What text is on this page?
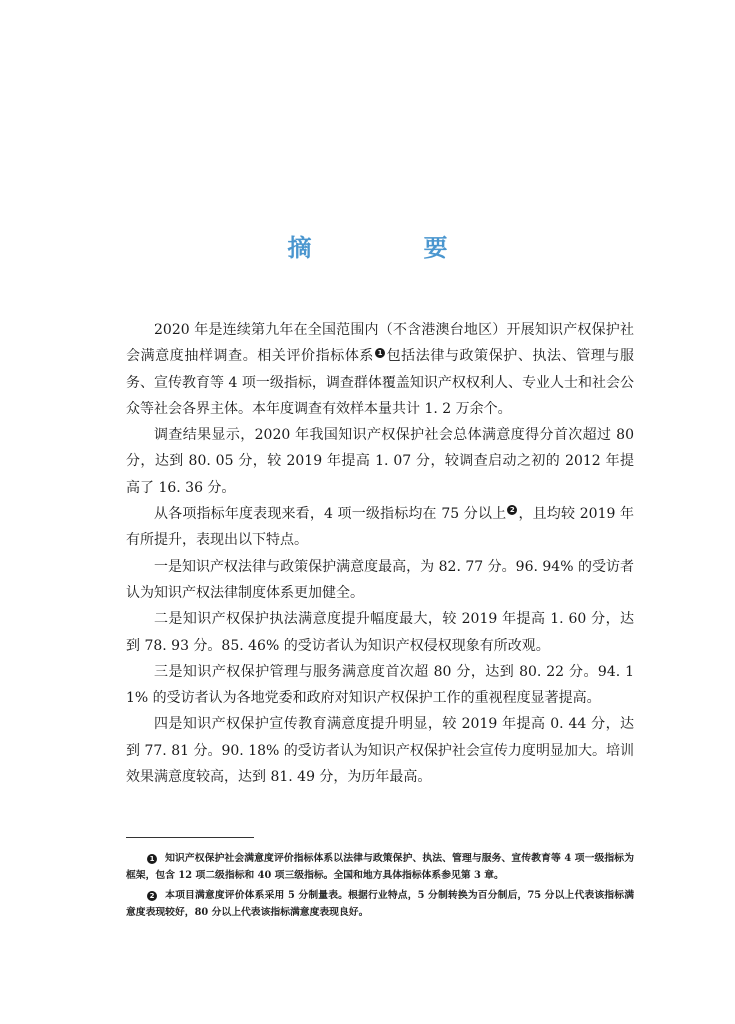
摘　要

2020 年是连续第九年在全国范围内（不含港澳台地区）开展知识产权保护社会满意度抽样调查。相关评价指标体系 1 包括法律与政策保护、执法、管理与服务、宣传教育等 4 项一级指标，调查群体覆盖知识产权权利人、专业人士和社会公众等社会各界主体。本年度调查有效样本量共计 1. 2 万余个。

调查结果显示，2020 年我国知识产权保护社会总体满意度得分首次超过 80 分，达到 80. 05 分，较 2019 年提高 1. 07 分，较调查启动之初的 2012 年提高了 16. 36 分。

从各项指标年度表现来看，4 项一级指标均在 75 分以上 2 ，且均较 2019 年有所提升，表现出以下特点。

一是知识产权法律与政策保护满意度最高，为 82. 77 分。96. 94% 的受访者认为知识产权法律制度体系更加健全。

二是知识产权保护执法满意度提升幅度最大，较 2019 年提高 1. 60 分，达到 78. 93 分。85. 46% 的受访者认为知识产权侵权现象有所改观。

三是知识产权保护管理与服务满意度首次超 80 分，达到 80. 22 分。94. 11% 的受访者认为各地党委和政府对知识产权保护工作的重视程度显著提高。

四是知识产权保护宣传教育满意度提升明显，较 2019 年提高 0. 44 分，达到 77. 81 分。90. 18% 的受访者认为知识产权保护社会宣传力度明显加大。培训效果满意度较高，达到 81. 49 分，为历年最高。

1 知识产权保护社会满意度评价指标体系以法律与政策保护、执法、管理与服务、宣传教育等 4 项一级指标为框架，包含 12 项二级指标和 40 项三级指标。全国和地方具体指标体系参见第 3 章。

2 本项目满意度评价体系采用 5 分制量表。根据行业特点，5 分制转换为百分制后，75 分以上代表该指标满意度表现较好，80 分以上代表该指标满意度表现良好。
